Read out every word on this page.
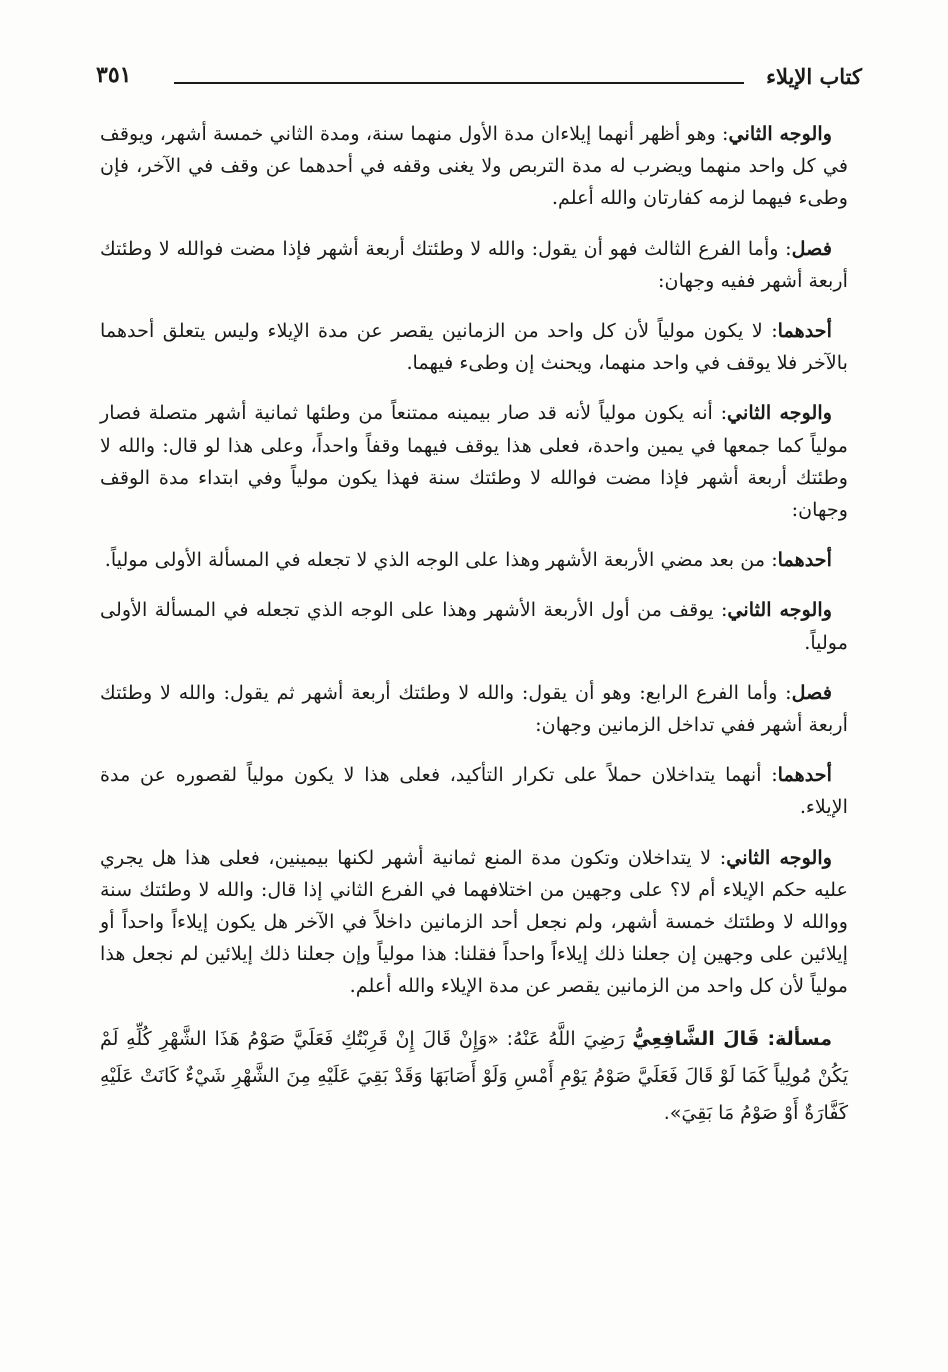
كتاب الإيلاء
٣٥١

والوجه الثاني: وهو أظهر أنهما إيلاءان مدة الأول منهما سنة، ومدة الثاني خمسة أشهر، ويوقف في كل واحد منهما ويضرب له مدة التربص ولا يغنى وقفه في أحدهما عن وقف في الآخر، فإن وطىء فيهما لزمه كفارتان والله أعلم.

فصل: وأما الفرع الثالث فهو أن يقول: والله لا وطئتك أربعة أشهر فإذا مضت فوالله لا وطئتك أربعة أشهر ففيه وجهان:

أحدهما: لا يكون مولياً لأن كل واحد من الزمانين يقصر عن مدة الإيلاء وليس يتعلق أحدهما بالآخر فلا يوقف في واحد منهما، ويحنث إن وطىء فيهما.

والوجه الثاني: أنه يكون مولياً لأنه قد صار بيمينه ممتنعاً من وطئها ثمانية أشهر متصلة فصار مولياً كما جمعها في يمين واحدة، فعلى هذا يوقف فيهما وقفاً واحداً، وعلى هذا لو قال: والله لا وطئتك أربعة أشهر فإذا مضت فوالله لا وطئتك سنة فهذا يكون مولياً وفي ابتداء مدة الوقف وجهان:

أحدهما: من بعد مضي الأربعة الأشهر وهذا على الوجه الذي لا تجعله في المسألة الأولى مولياً.

والوجه الثاني: يوقف من أول الأربعة الأشهر وهذا على الوجه الذي تجعله في المسألة الأولى مولياً.

فصل: وأما الفرع الرابع: وهو أن يقول: والله لا وطئتك أربعة أشهر ثم يقول: والله لا وطئتك أربعة أشهر ففي تداخل الزمانين وجهان:

أحدهما: أنهما يتداخلان حملاً على تكرار التأكيد، فعلى هذا لا يكون مولياً لقصوره عن مدة الإيلاء.

والوجه الثاني: لا يتداخلان وتكون مدة المنع ثمانية أشهر لكنها بيمينين، فعلى هذا هل يجري عليه حكم الإيلاء أم لا؟ على وجهين من اختلافهما في الفرع الثاني إذا قال: والله لا وطئتك سنة ووالله لا وطئتك خمسة أشهر، ولم نجعل أحد الزمانين داخلاً في الآخر هل يكون إيلاءاً واحداً أو إيلائين على وجهين إن جعلنا ذلك إيلاءاً واحداً فقلنا: هذا مولياً وإن جعلنا ذلك إيلائين لم نجعل هذا مولياً لأن كل واحد من الزمانين يقصر عن مدة الإيلاء والله أعلم.

مسألة: قَالَ الشَّافِعِيُّ رَضِيَ اللَّهُ عَنْهُ: «وَإِنْ قَالَ إِنْ قَرِبْتُكِ فَعَلَيَّ صَوْمُ هَذَا الشَّهْرِ كُلِّهِ لَمْ يَكُنْ مُولِياً كَمَا لَوْ قَالَ فَعَلَيَّ صَوْمُ يَوْمِ أَمْسِ وَلَوْ أَصَابَهَا وَقَدْ بَقِيَ عَلَيْهِ مِنَ الشَّهْرِ شَيْءٌ كَانَتْ عَلَيْهِ كَفَّارَةٌ أَوْ صَوْمُ مَا بَقِيَ».
